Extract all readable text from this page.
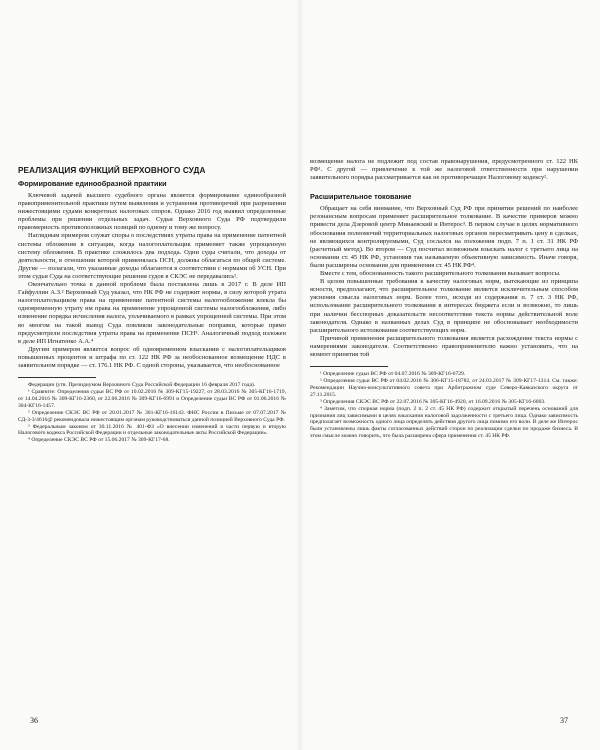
РЕАЛИЗАЦИЯ ФУНКЦИЙ ВЕРХОВНОГО СУДА
Формирование единообразной практики

Ключевой задачей высшего судебного органа является формирование единообразной правоприменительной практики путем выявления и устранения противоречий при разрешении нижестоящими судами конкретных налоговых споров. Однако 2016 год выявил определенные проблемы при решении отдельных задач. Судьи Верховного Суда РФ подтвердили правомерность противоположных позиций по одному и тому же вопросу.

Наглядным примером служат споры о последствиях утраты права на применение патентной системы обложения в ситуации, когда налогоплательщик применяет также упрощенную систему обложения. В практике сложилось два подхода. Одни суды считали, что доходы от деятельности, в отношении которой применялась ПСН, должны облагаться по общей системе. Другие — полагали, что указанные доходы облагаются в соответствии с нормами об УСН. При этом судьи Суда на соответствующие решения судов в СКЭС не передавались¹.

Окончательно точка в данной проблеме была поставлена лишь в 2017 г. В деле ИП Гайфуллин А.З.² Верховный Суд указал, что НК РФ не содержит нормы, в силу которой утрата налогоплательщиком права на применение патентной системы налогообложения влекла бы одновременную утрату им права на применение упрощенной системы налогообложения, либо изменение порядка исчисления налога, уплачиваемого в рамках упрощенной системы. При этом во многом на такой вывод Суда повлияли законодательные поправки, которые прямо предусмотрели последствия утраты права на применение ПСН³. Аналогичный подход изложен в деле ИП Игнатенко А.А.⁴

Другим примером является вопрос об одновременном взыскании с налогоплательщиков повышенных процентов и штрафа по ст. 122 НК РФ за необоснованное возмещение НДС в заявительном порядке — ст. 176.1 НК РФ. С одной стороны, указывается, что необоснованное

Федерации (утв. Президиумом Верховного Суда Российской Федерации 16 февраля 2017 года).

¹ Сравните: Определения судьи ВС РФ от 10.02.2016 № 309-КГ15-19227, от 28.03.2016 № 305-КГ16-1719, от 14.04.2016 № 309-КГ16-2360, от 22.06.2016 № 309-КГ16-6991 и Определение судьи ВС РФ от 01.06.2016 № 304-КГ16-1457.

² Определение СКЭС ВС РФ от 20.01.2017 № 301-КГ16-16143. ФНС России в Письме от 07.07.2017 № СД-3-3/4616@ рекомендовала нижестоящим органам руководствоваться данной позицией Верховного Суда РФ.

³ Федеральным законом от 30.11.2016 № 401-ФЗ «О внесении изменений в части первую и вторую Налогового кодекса Российской Федерации и отдельные законодательные акты Российской Федерации».

⁴ Определение СКЭС ВС РФ от 15.06.2017 № 309-КГ17-68.

36

возмещение налога не подлежит под состав правонарушения, предусмотренного ст. 122 НК РФ¹. С другой — привлечение к той же налоговой ответственности при нарушении заявительного порядка рассматривается как не противоречащее Налоговому кодексу².

Расширительное токование

Обращает на себя внимание, что Верховный Суд РФ при принятии решений по наиболее резонансным вопросам применяет расширительное толкование. В качестве примеров можно привести дела Дзеровой центр Минаевский и Интерос³. В первом случае в целях нормативного обоснования полномочий территориальных налоговых органов пересматривать цену в сделках, не являющихся контролируемыми, Суд сослался на положения подп. 7 п. 1 ст. 31 НК РФ (расчетный метод). Во втором — Суд посчитал возможным взыскать налог с третьего лица на основании ст. 45 НК РФ, установив так называемую объективную зависимость. Иначе говоря, были расширены основания для применения ст. 45 НК РФ⁴.

Вместе с тем, обоснованность такого расширительного толкования вызывает вопросы.

В целом повышенные требования к качеству налоговых норм, вытекающие из принципа ясности, предполагают, что расширительное толкование является исключительным способом уяснения смысла налоговых норм. Более того, исходя из содержания п. 7 ст. 3 НК РФ, использование расширительного толкования в интересах бюджета если и возможно, то лишь при наличии бесспорных доказательств несоответствия текста нормы действительной воле законодателя. Однако в названных делах Суд в принципе не обосновывает необходимости расширительного истолкования соответствующих норм.

Причиной применения расширительного толкования является расхождение текста нормы с намерениями законодателя. Соответственно правоприменителю важно установить, что на момент принятия той

¹ Определение судьи ВС РФ от 04.07.2016 № 309-КГ16-6729.

² Определения судьи ВС РФ от 04.02.2016 № 306-КГ15-18782, от 24.03.2017 № 309-КГ17-1314. См. также: Рекомендации Научно-консультативного совета при Арбитражном суде Северо-Кавказского округа от 27.11.2015.

³ Определения СКЭС ВС РФ от 22.07.2016 № 305-КГ16-4920, от 16.09.2016 № 305-КГ16-6003.

⁴ Заметим, что спорная норма (подп. 2 п. 2 ст. 45 НК РФ) содержит открытый перечень оснований для признания лиц зависимыми в целях взыскания налоговой задолженности с третьего лица. Однако зависимость предполагает возможность одного лица определять действия другого лица помимо его воли. В деле же Интерос были установлены лишь факты согласованных действий сторон по реализации сделки по продаже бизнеса. В этом смысле можно говорить, что была расширена сфера применения ст. 45 НК РФ.

37
